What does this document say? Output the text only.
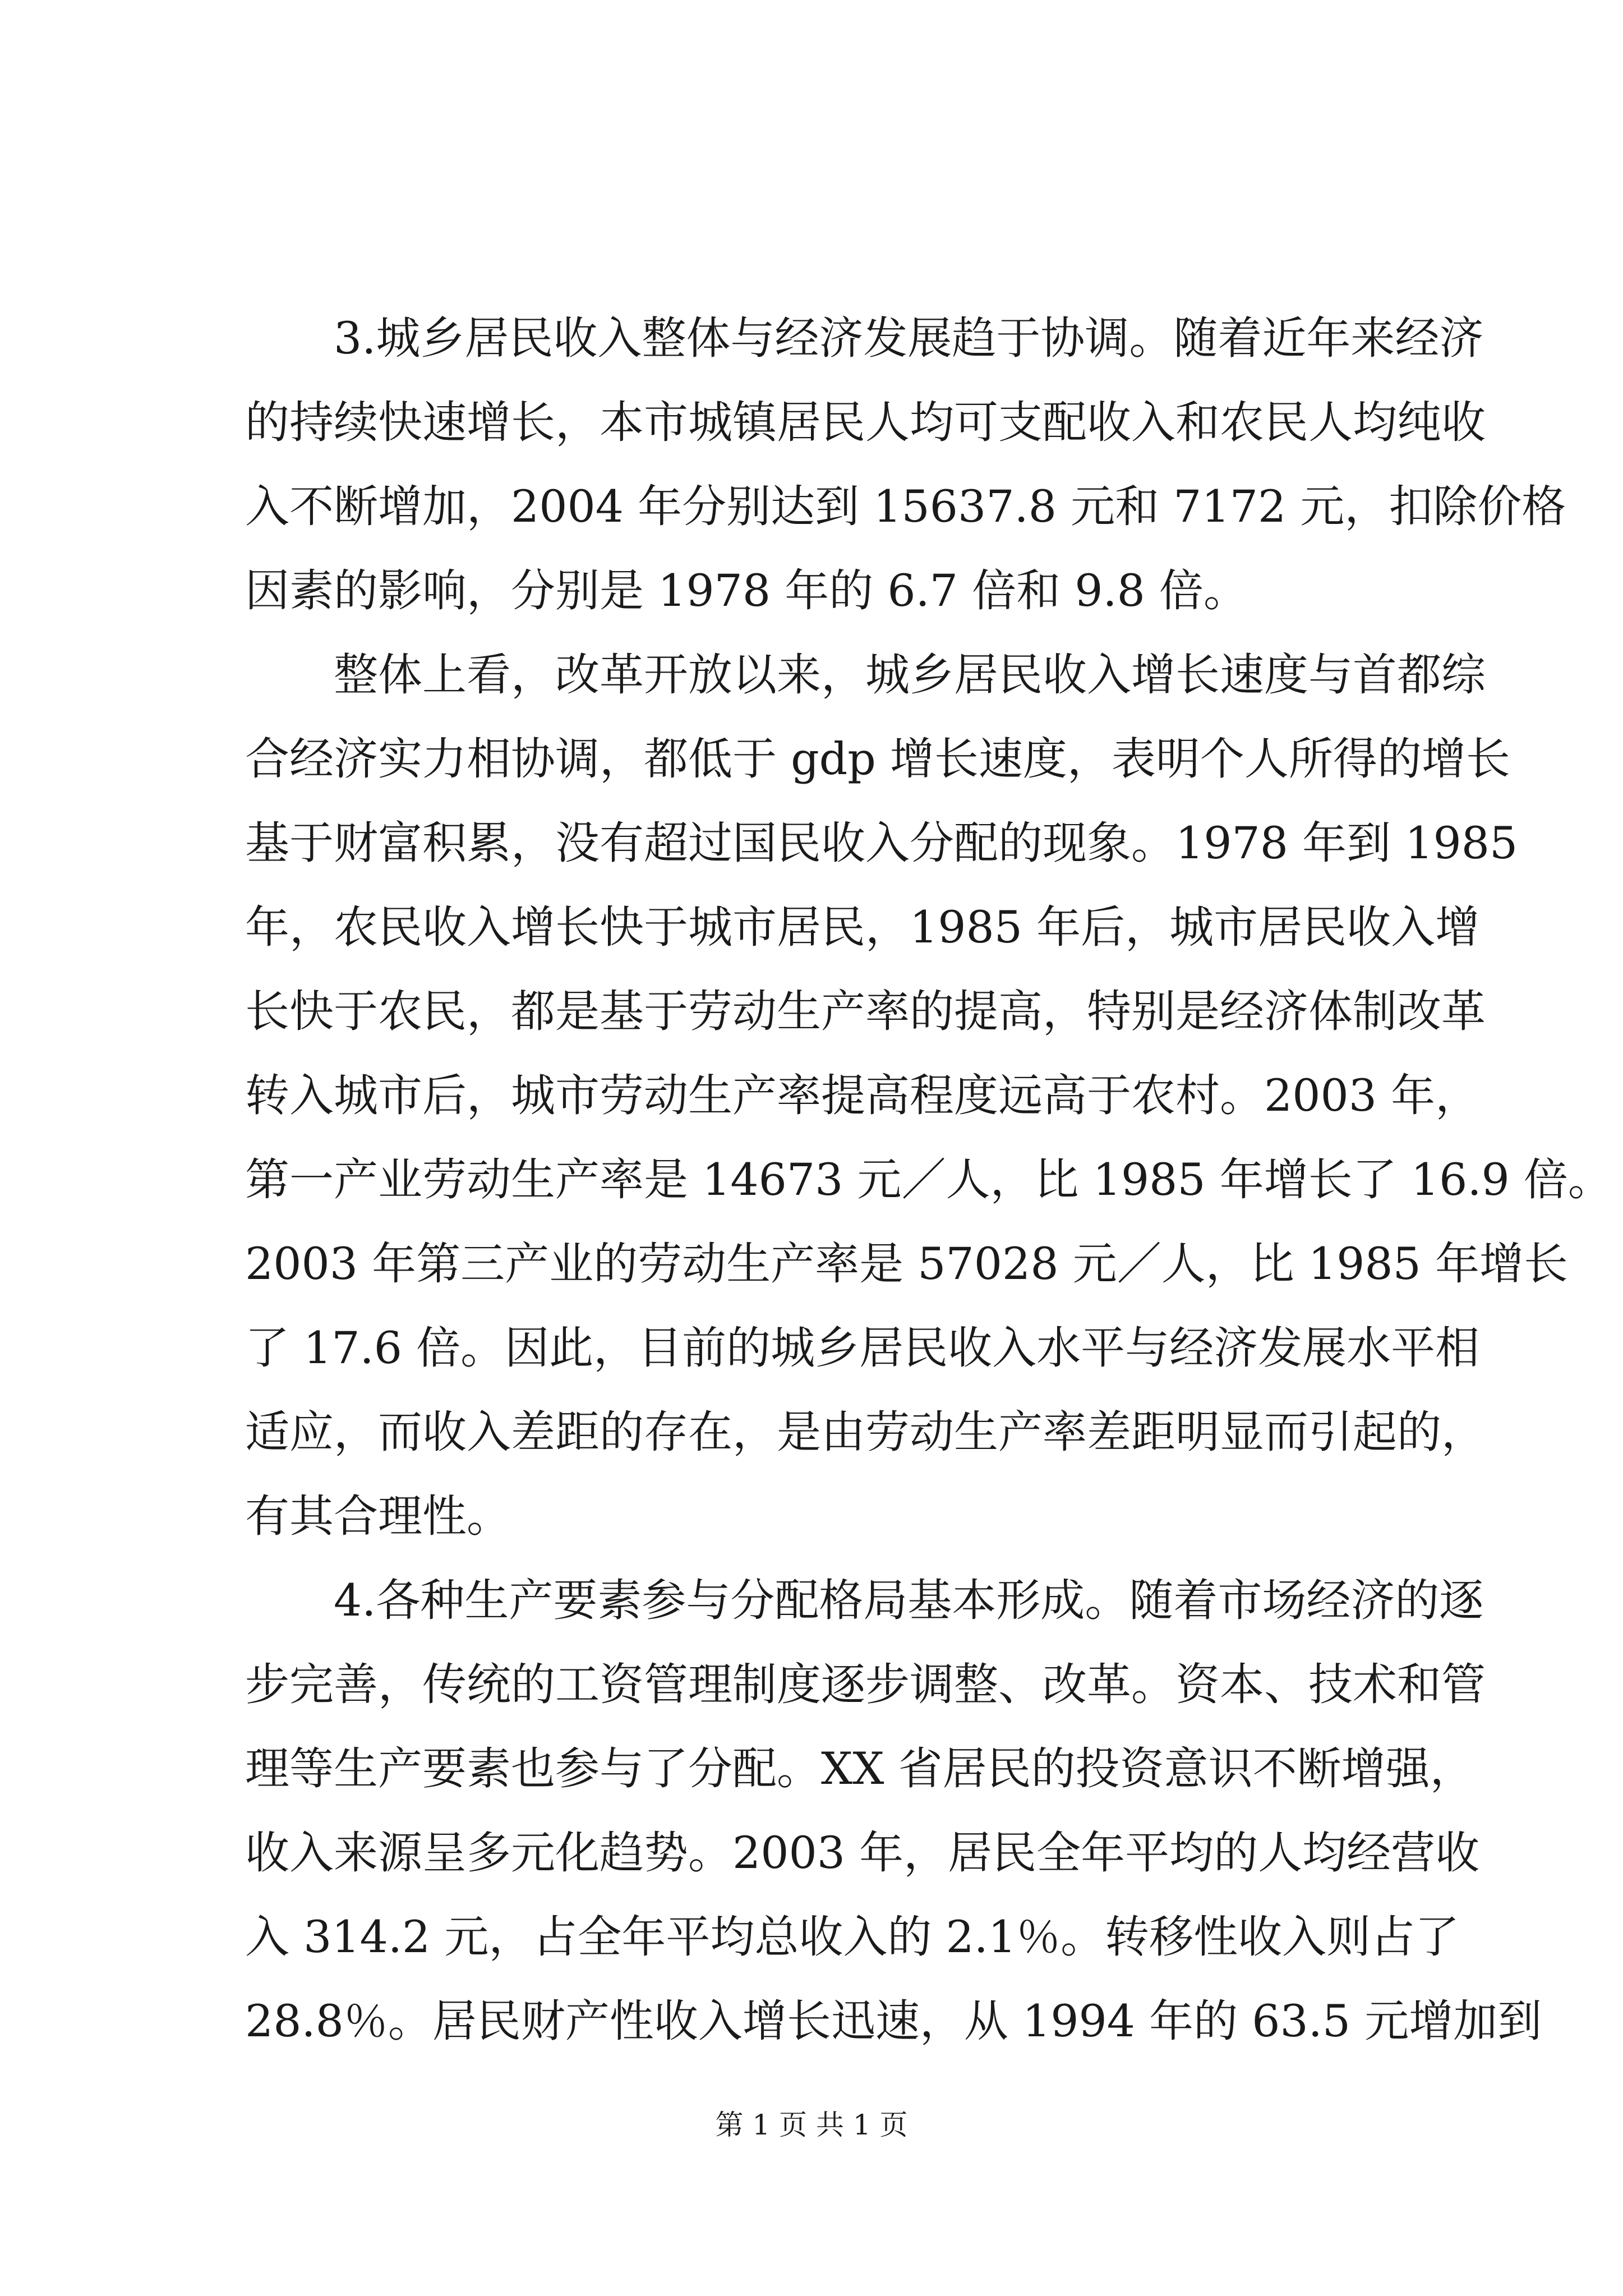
3.城乡居民收入整体与经济发展趋于协调。随着近年来经济
的持续快速增长，本市城镇居民人均可支配收入和农民人均纯收
入不断增加，2004 年分别达到 15637.8 元和 7172 元，扣除价格
因素的影响，分别是 1978 年的 6.7 倍和 9.8 倍。
整体上看，改革开放以来，城乡居民收入增长速度与首都综
合经济实力相协调，都低于 gdp 增长速度，表明个人所得的增长
基于财富积累，没有超过国民收入分配的现象。1978 年到 1985
年，农民收入增长快于城市居民，1985 年后，城市居民收入增
长快于农民，都是基于劳动生产率的提高，特别是经济体制改革
转入城市后，城市劳动生产率提高程度远高于农村。2003 年，
第一产业劳动生产率是 14673 元／人，比 1985 年增长了 16.9 倍。
2003 年第三产业的劳动生产率是 57028 元／人，比 1985 年增长
了 17.6 倍。因此，目前的城乡居民收入水平与经济发展水平相
适应，而收入差距的存在，是由劳动生产率差距明显而引起的，
有其合理性。
4.各种生产要素参与分配格局基本形成。随着市场经济的逐
步完善，传统的工资管理制度逐步调整、改革。资本、技术和管
理等生产要素也参与了分配。XX 省居民的投资意识不断增强，
收入来源呈多元化趋势。2003 年，居民全年平均的人均经营收
入 314.2 元，占全年平均总收入的 2.1％。转移性收入则占了
28.8％。居民财产性收入增长迅速，从 1994 年的 63.5 元增加到
第 1 页 共 1 页
